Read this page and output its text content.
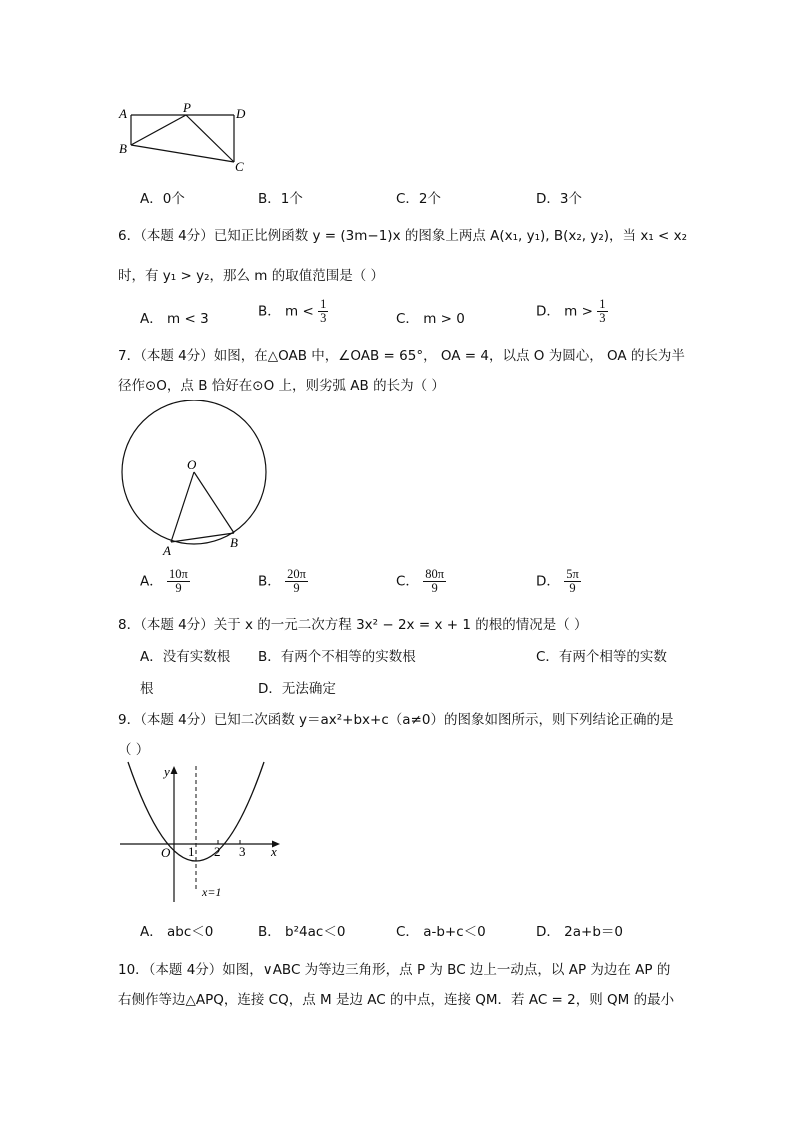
A	P	D
B
C
A．0个	B．1个	C．2个	D．3个
6．（本题 4分）已知正比例函数 y = (3m−1)x 的图象上两点 A(x₁, y₁), B(x₂, y₂)，当 x₁ < x₂
时，有 y₁ > y₂，那么 m 的取值范围是（ ）
A． m < 3	B． $m < \frac{1}{3}$	C． m > 0	D． $m > \frac{1}{3}$
7．（本题 4分）如图，在△OAB 中，∠OAB = 65°， OA = 4，以点 O 为圆心， OA 的长为半
径作⊙O，点 B 恰好在⊙O 上，则劣弧 AB 的长为（ ）
O
A
B
A． $\frac{10\pi}{9}$	B． $\frac{20\pi}{9}$	C． $\frac{80\pi}{9}$	D． $\frac{5\pi}{9}$
8．（本题 4分）关于 x 的一元二次方程 3x² − 2x = x + 1 的根的情况是（ ）
A．没有实数根 B．有两个不相等的实数根	C．有两个相等的实数
根	D．无法确定
9．（本题 4分）已知二次函数 y＝ax²+bx+c（a≠0）的图象如图所示，则下列结论正确的是
（ ）
y
x
O 1 2 3
x=1
A． abc＜0	B． b²4ac＜0	C． a-b+c＜0	D． 2a+b＝0
10．（本题 4分）如图，∨ABC 为等边三角形，点 P 为 BC 边上一动点，以 AP 为边在 AP 的
右侧作等边△APQ，连接 CQ，点 M 是边 AC 的中点，连接 QM．若 AC = 2，则 QM 的最小
